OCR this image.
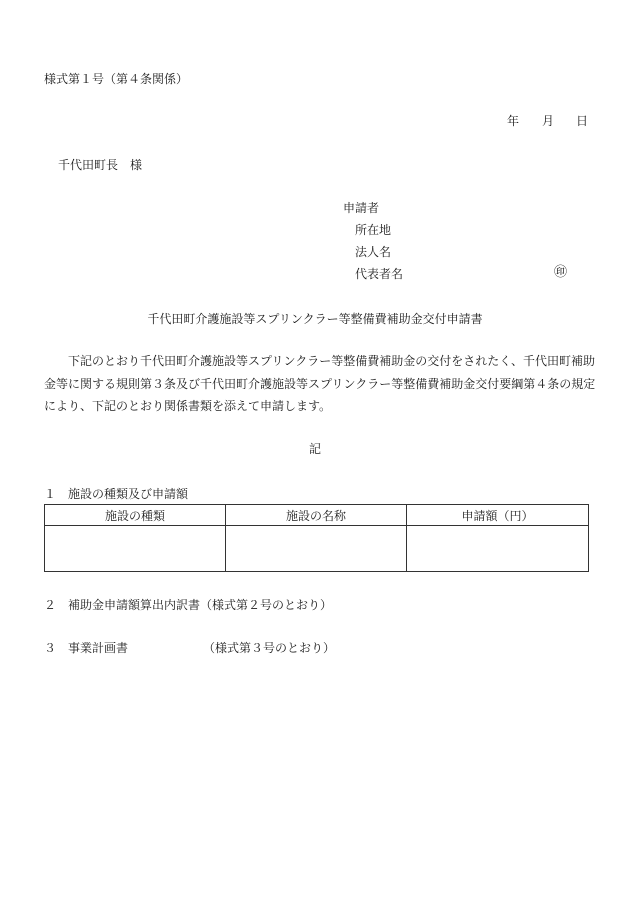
様式第１号（第４条関係）
年 月 日
千代田町長　様
申請者
所在地
法人名
代表者名	㊞
千代田町介護施設等スプリンクラー等整備費補助金交付申請書
下記のとおり千代田町介護施設等スプリンクラー等整備費補助金の交付をされたく、千代田町補助金等に関する規則第３条及び千代田町介護施設等スプリンクラー等整備費補助金交付要綱第４条の規定により、下記のとおり関係書類を添えて申請します。
記
１　施設の種類及び申請額
施設の種類	施設の名称	申請額（円）

２　補助金申請額算出内訳書（様式第２号のとおり）
３　事業計画書	（様式第３号のとおり）
